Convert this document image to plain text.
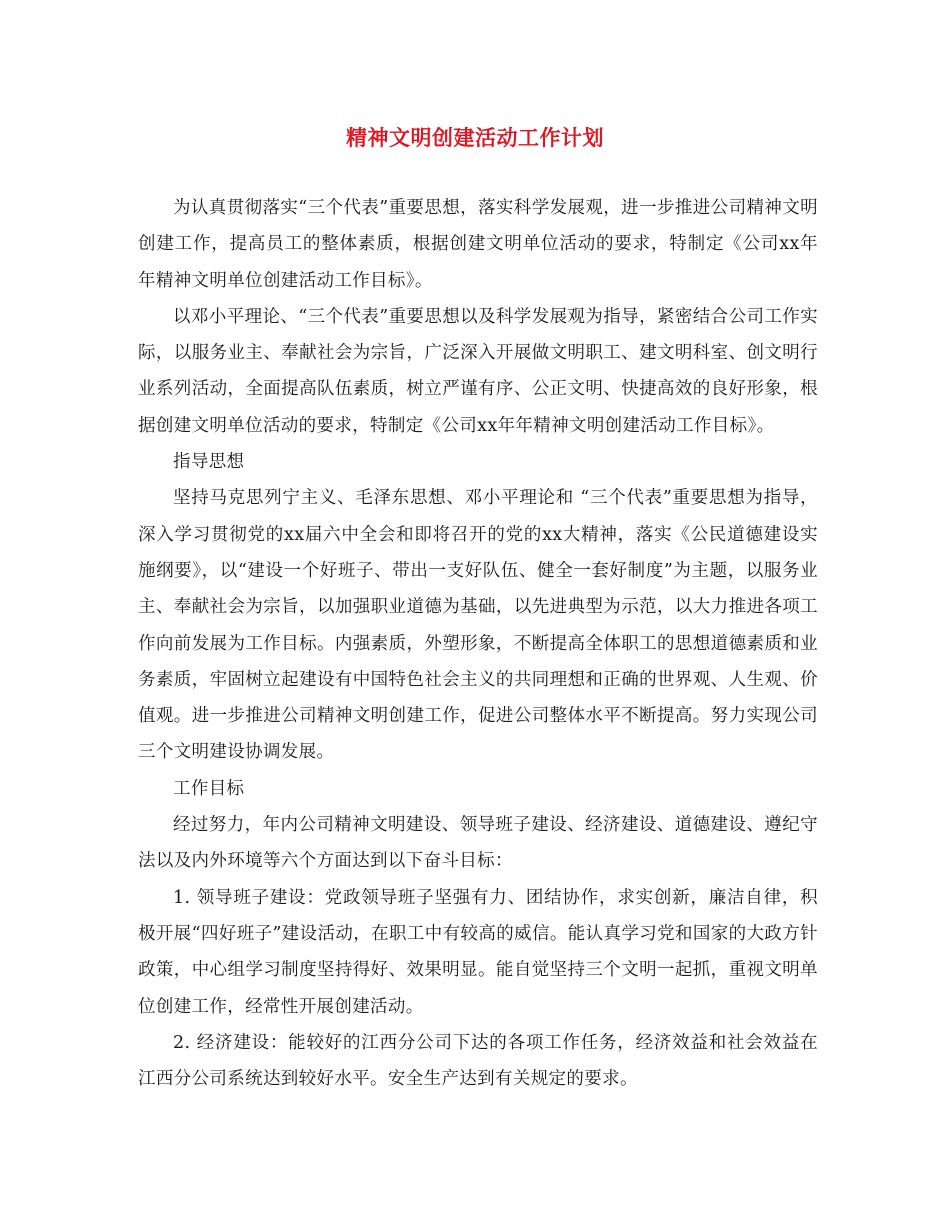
精神文明创建活动工作计划

为认真贯彻落实“三个代表”重要思想，落实科学发展观，进一步推进公司精神文明创建工作，提高员工的整体素质，根据创建文明单位活动的要求，特制定《公司xx年年精神文明单位创建活动工作目标》。

以邓小平理论、“三个代表”重要思想以及科学发展观为指导，紧密结合公司工作实际，以服务业主、奉献社会为宗旨，广泛深入开展做文明职工、建文明科室、创文明行业系列活动，全面提高队伍素质，树立严谨有序、公正文明、快捷高效的良好形象，根据创建文明单位活动的要求，特制定《公司xx年年精神文明创建活动工作目标》。

指导思想

坚持马克思列宁主义、毛泽东思想、邓小平理论和 “三个代表”重要思想为指导，深入学习贯彻党的xx届六中全会和即将召开的党的xx大精神，落实《公民道德建设实施纲要》，以“建设一个好班子、带出一支好队伍、健全一套好制度”为主题，以服务业主、奉献社会为宗旨，以加强职业道德为基础，以先进典型为示范，以大力推进各项工作向前发展为工作目标。内强素质，外塑形象，不断提高全体职工的思想道德素质和业务素质，牢固树立起建设有中国特色社会主义的共同理想和正确的世界观、人生观、价值观。进一步推进公司精神文明创建工作，促进公司整体水平不断提高。努力实现公司三个文明建设协调发展。

工作目标

经过努力，年内公司精神文明建设、领导班子建设、经济建设、道德建设、遵纪守法以及内外环境等六个方面达到以下奋斗目标：

1. 领导班子建设：党政领导班子坚强有力、团结协作，求实创新，廉洁自律，积极开展“四好班子”建设活动，在职工中有较高的威信。能认真学习党和国家的大政方针政策，中心组学习制度坚持得好、效果明显。能自觉坚持三个文明一起抓，重视文明单位创建工作，经常性开展创建活动。

2. 经济建设：能较好的江西分公司下达的各项工作任务，经济效益和社会效益在江西分公司系统达到较好水平。安全生产达到有关规定的要求。
